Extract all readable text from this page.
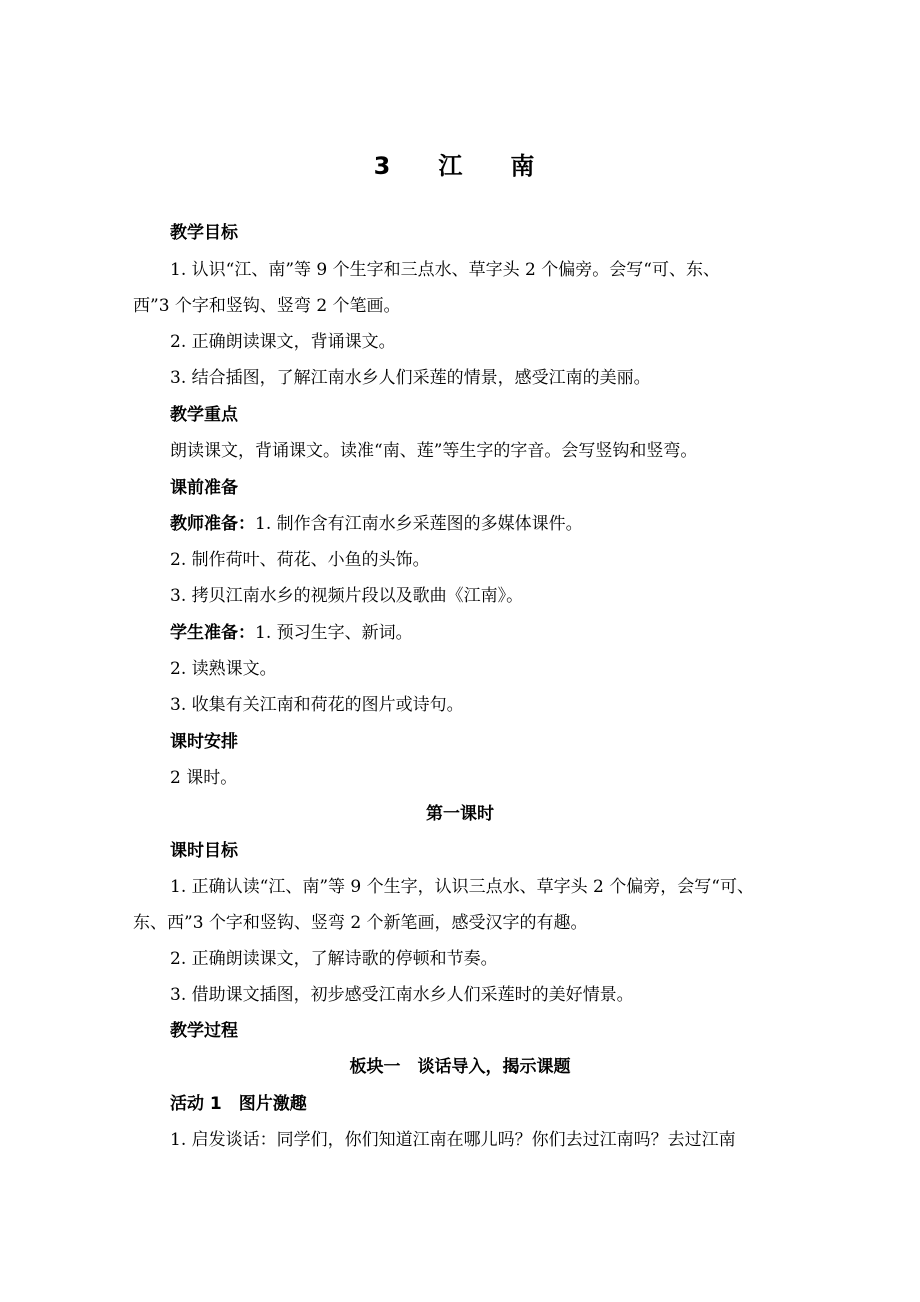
3　江　南
教学目标
1. 认识“江、南”等 9 个生字和三点水、草字头 2 个偏旁。会写“可、东、
西”3 个字和竖钩、竖弯 2 个笔画。
2. 正确朗读课文，背诵课文。
3. 结合插图，了解江南水乡人们采莲的情景，感受江南的美丽。
教学重点
朗读课文，背诵课文。读准“南、莲”等生字的字音。会写竖钩和竖弯。
课前准备
教师准备：1. 制作含有江南水乡采莲图的多媒体课件。
2. 制作荷叶、荷花、小鱼的头饰。
3. 拷贝江南水乡的视频片段以及歌曲《江南》。
学生准备：1. 预习生字、新词。
2. 读熟课文。
3. 收集有关江南和荷花的图片或诗句。
课时安排
2 课时。
第一课时
课时目标
1. 正确认读“江、南”等 9 个生字，认识三点水、草字头 2 个偏旁，会写“可、
东、西”3 个字和竖钩、竖弯 2 个新笔画，感受汉字的有趣。
2. 正确朗读课文，了解诗歌的停顿和节奏。
3. 借助课文插图，初步感受江南水乡人们采莲时的美好情景。
教学过程
板块一　谈话导入，揭示课题
活动 1　图片激趣
1. 启发谈话：同学们，你们知道江南在哪儿吗？你们去过江南吗？去过江南
